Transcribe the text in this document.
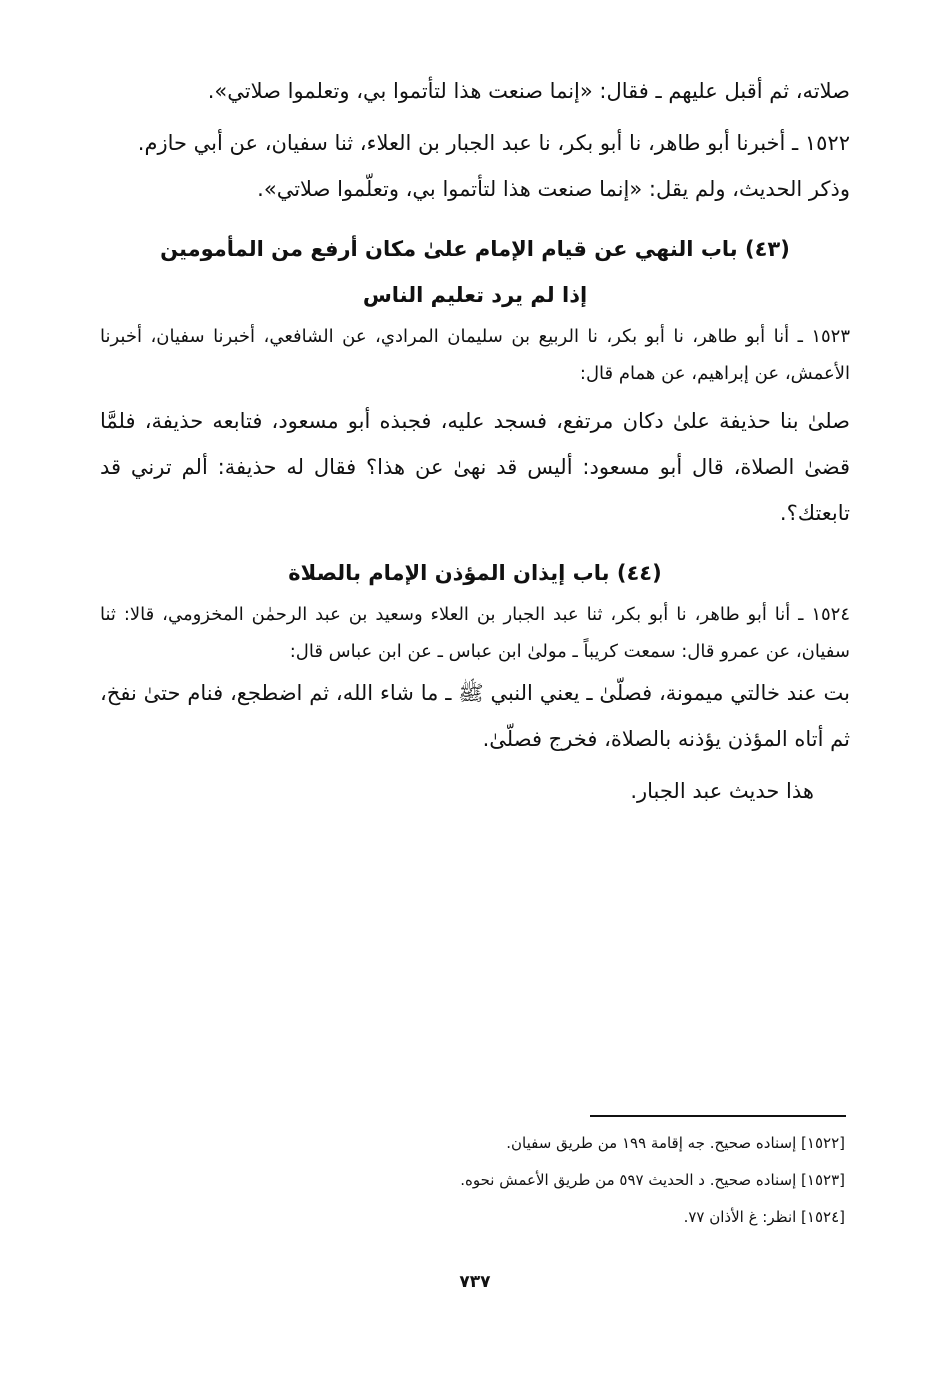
صلاته، ثم أقبل عليهم ـ فقال: «إنما صنعت هذا لتأتموا بي، وتعلموا صلاتي».

١٥٢٢ ـ أخبرنا أبو طاهر، نا أبو بكر، نا عبد الجبار بن العلاء، ثنا سفيان، عن أبي حازم.

وذكر الحديث، ولم يقل: «إنما صنعت هذا لتأتموا بي، وتعلّموا صلاتي».

(٤٣) باب النهي عن قيام الإمام علىٰ مكان أرفع من المأمومين

إذا لم يرد تعليم الناس

١٥٢٣ ـ أنا أبو طاهر، نا أبو بكر، نا الربيع بن سليمان المرادي، عن الشافعي، أخبرنا سفيان، أخبرنا الأعمش، عن إبراهيم، عن همام قال:

صلىٰ بنا حذيفة علىٰ دكان مرتفع، فسجد عليه، فجبذه أبو مسعود، فتابعه حذيفة، فلمَّا قضىٰ الصلاة، قال أبو مسعود: أليس قد نهىٰ عن هذا؟ فقال له حذيفة: ألم ترني قد تابعتك؟.

(٤٤) باب إيذان المؤذن الإمام بالصلاة

١٥٢٤ ـ أنا أبو طاهر، نا أبو بكر، ثنا عبد الجبار بن العلاء وسعيد بن عبد الرحمٰن المخزومي، قالا: ثنا سفيان، عن عمرو قال: سمعت كريباً ـ مولىٰ ابن عباس ـ عن ابن عباس قال:

بت عند خالتي ميمونة، فصلّىٰ ـ يعني النبي ﷺ ـ ما شاء الله، ثم اضطجع، فنام حتىٰ نفخ، ثم أتاه المؤذن يؤذنه بالصلاة، فخرج فصلّىٰ.

هذا حديث عبد الجبار.

[١٥٢٢] إسناده صحيح. جه إقامة ١٩٩ من طريق سفيان.
[١٥٢٣] إسناده صحيح. د الحديث ٥٩٧ من طريق الأعمش نحوه.
[١٥٢٤] انظر: غ الأذان ٧٧.
٧٣٧
